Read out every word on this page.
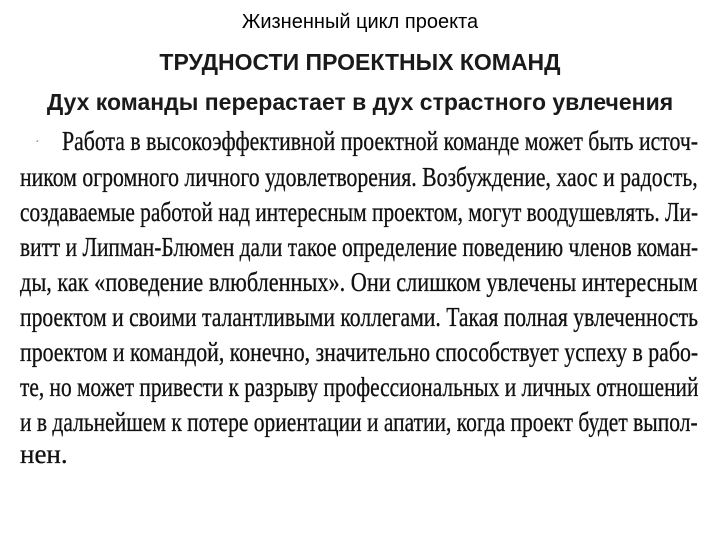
Жизненный цикл проекта
ТРУДНОСТИ ПРОЕКТНЫХ КОМАНД
Дух команды перерастает в дух страстного увлечения
´ Работа в высокоэффективной проектной команде может быть источ-
ником огромного личного удовлетворения. Возбуждение, хаос и радость,
создаваемые работой над интересным проектом, могут воодушевлять. Ли-
витт и Липман-Блюмен дали такое определение поведению членов коман-
ды, как «поведение влюбленных». Они слишком увлечены интересным
проектом и своими талантливыми коллегами. Такая полная увлеченность
проектом и командой, конечно, значительно способствует успеху в рабо-
те, но может привести к разрыву профессиональных и личных отношений
и в дальнейшем к потере ориентации и апатии, когда проект будет выпол-
нен.
